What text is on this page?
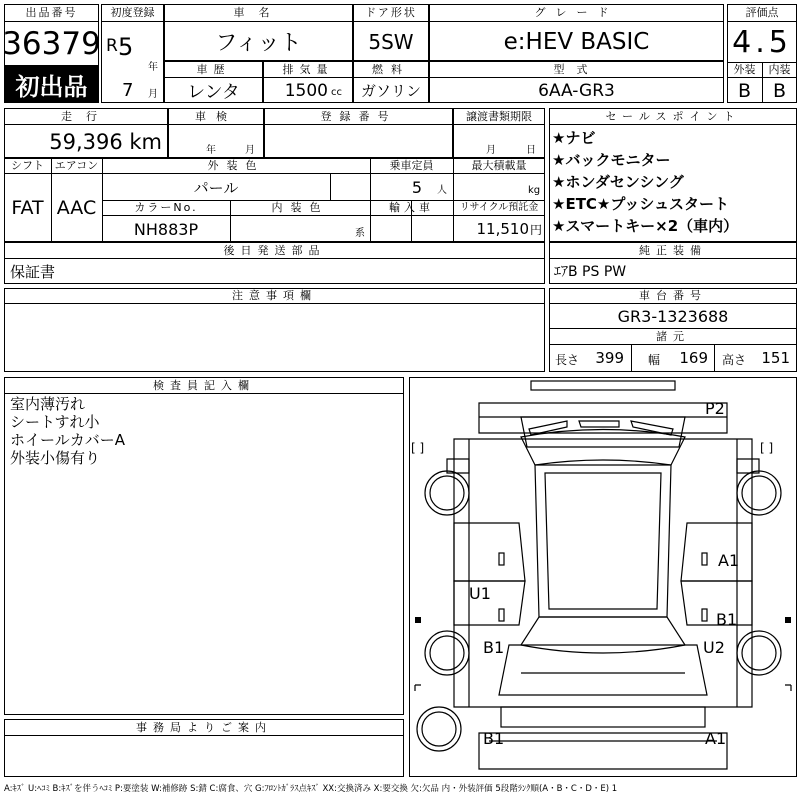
出品番号
36379
初出品
初度登録
R 5
年
7 月
車名
フィット
ドア形状
5SW
グレード
e:HEV BASIC
車歴
レンタ
排気量
1500 cc
燃料
ガソリン
型式
6AA-GR3
評価点
4.5
外装	内装
B	B
走行
59,396 km
車検
年	月
登録番号	譲渡書類期限
月	日
シフト エアコン
FAT AAC
外装色
パール
乗車定員
5 人
最大積載量
kg
カラーNo.
NH883P
内装色
系
輸入車	リサイクル預託金
11,510 円
後日発送部品
保証書
注意事項欄
セールスポイント
★ナビ
★バックモニター
★ホンダセンシング
★ETC★プッシュスタート
★スマートキー×2（車内）
純正装備
ｴｱB PS PW
車台番号
GR3-1323688
諸元
長さ	399 幅	169 高さ	151
検査員記入欄
室内薄汚れ
シートすれ小
ホイールカバーA
外装小傷有り
事務局よりご案内
[ ]	[ ]
P2
A1
U1
B1
B1	U2
B1	A1
A:ｷｽﾞ U:ﾍｺﾐ B:ｷｽﾞを伴うﾍｺﾐ P:要塗装 W:補修跡 S:錆 C:腐食、穴 G:ﾌﾛﾝﾄｶﾞﾗｽ点ｷｽﾞ XX:交換済み X:要交換 欠:欠品 内・外装評価 5段階ﾗﾝｸ順(A・B・C・D・E) 1
